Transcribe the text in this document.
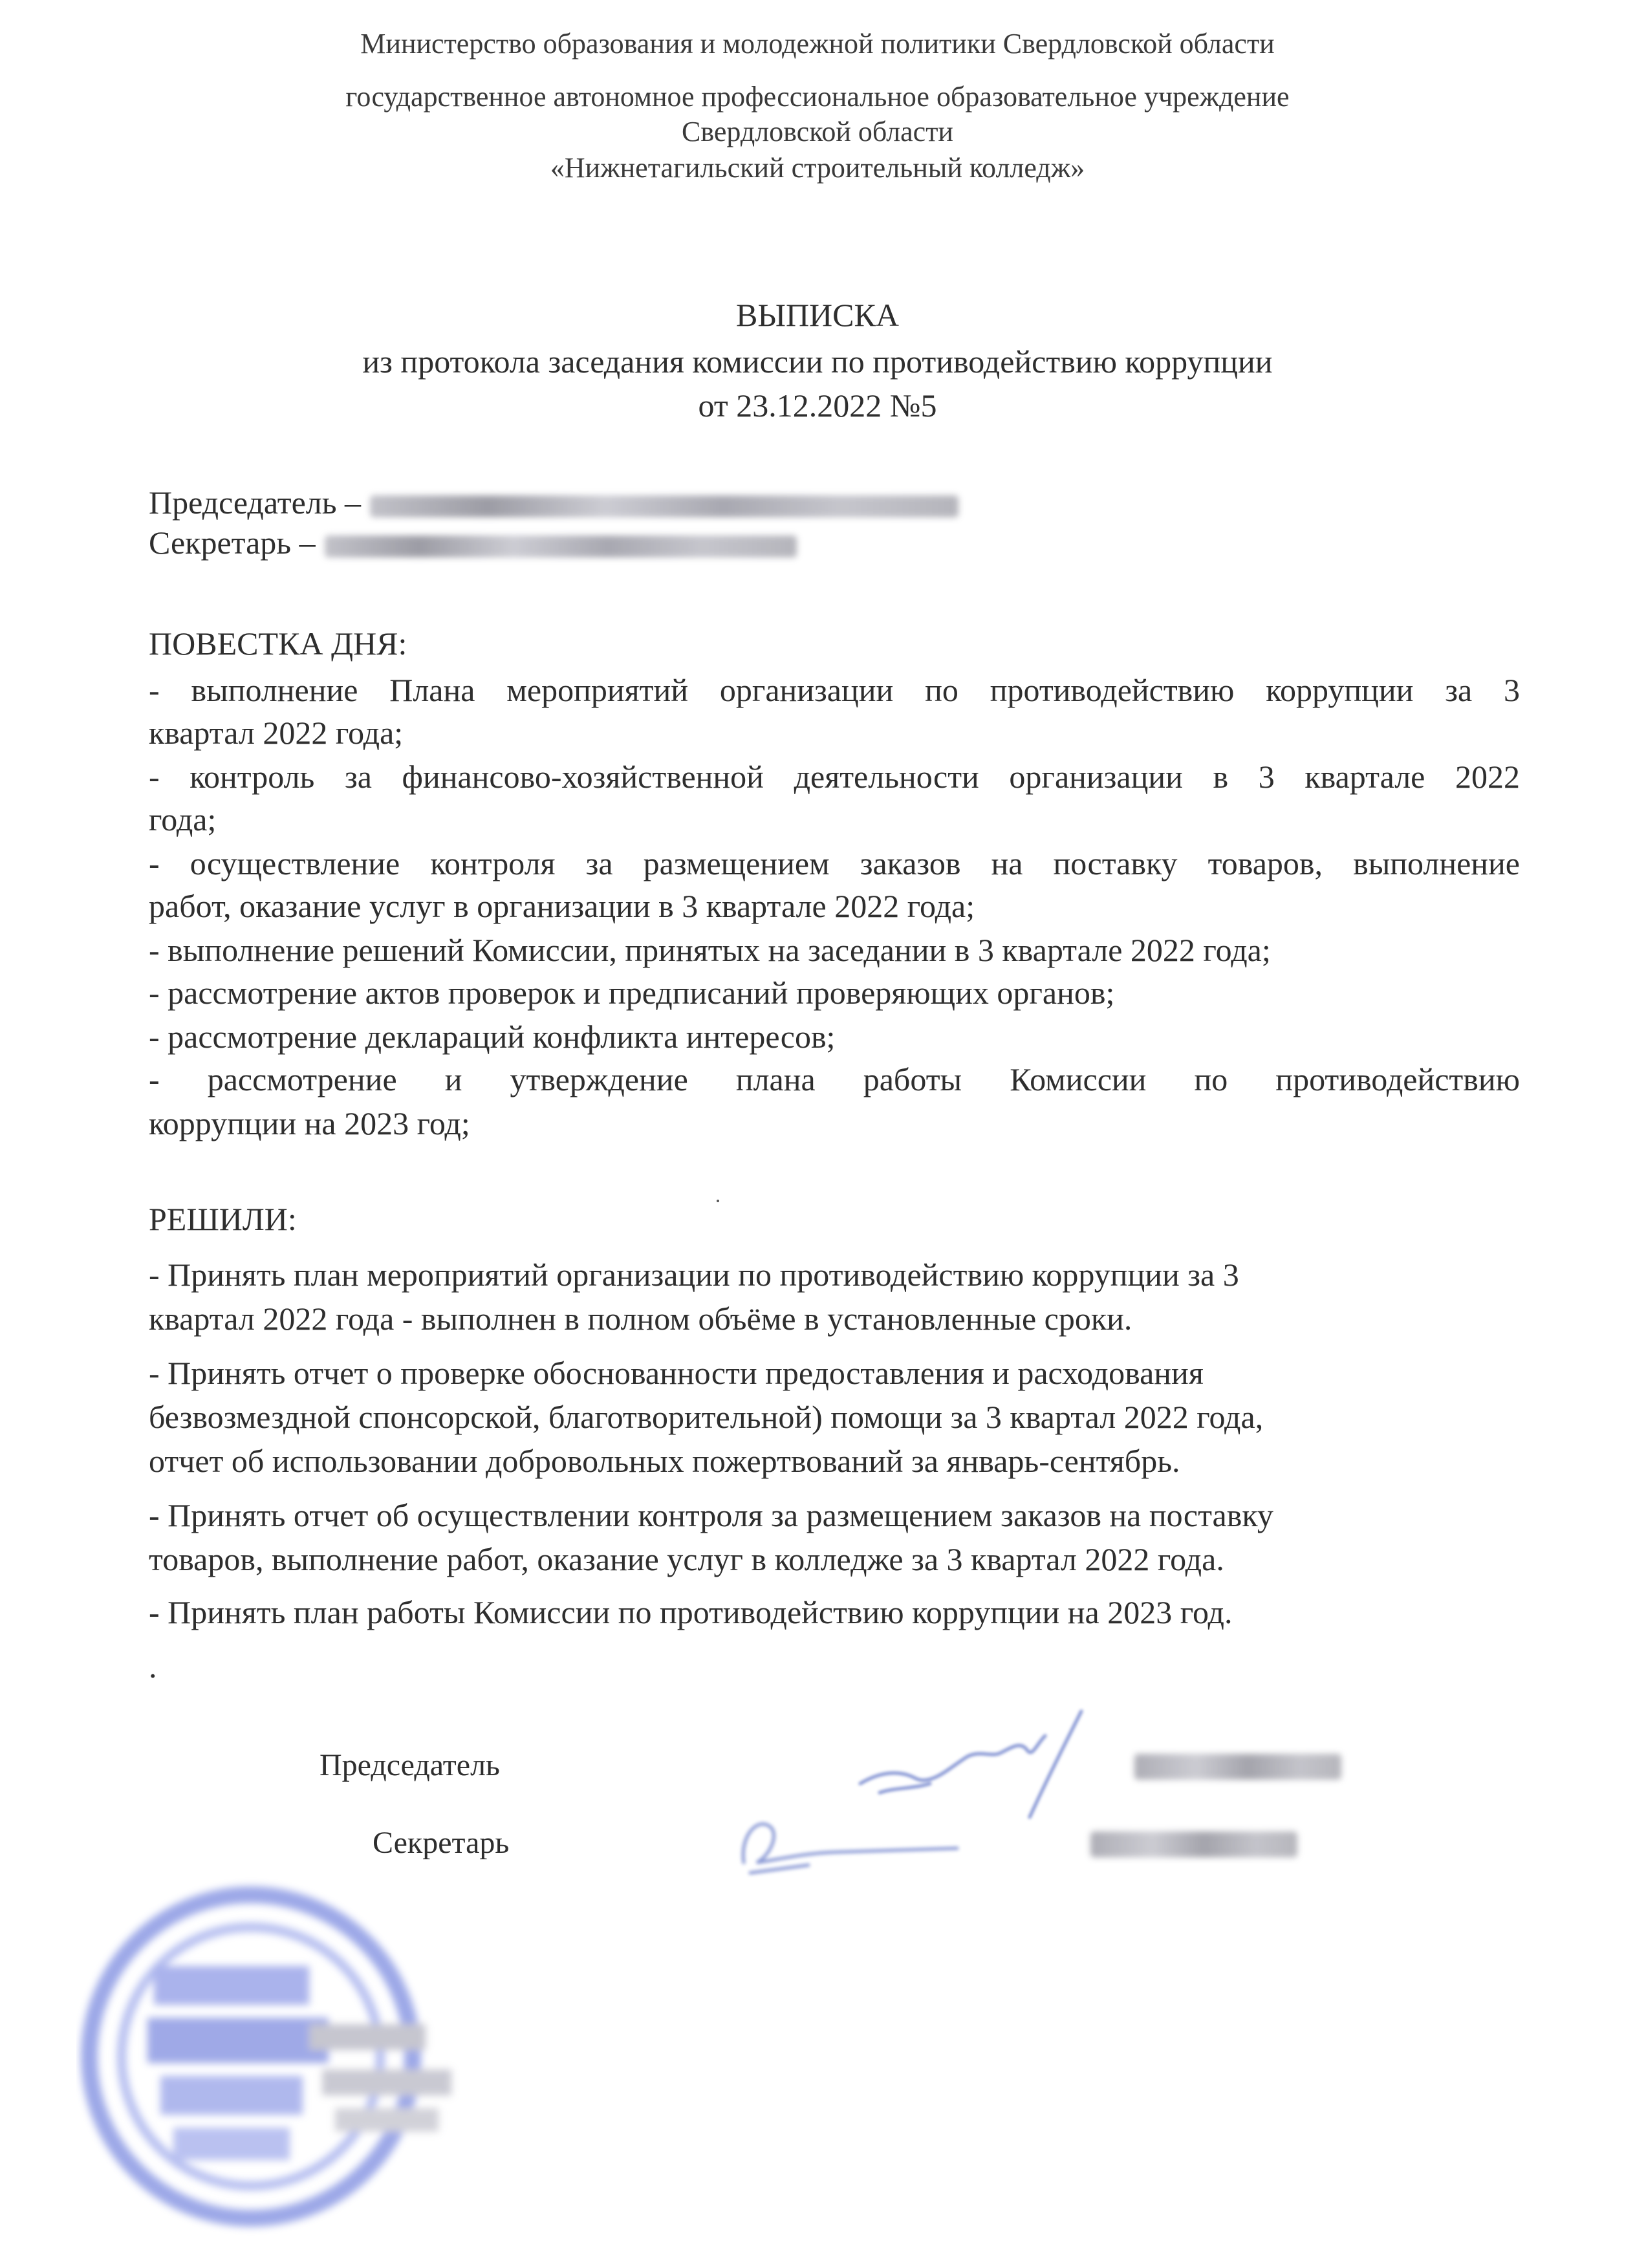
Министерство образования и молодежной политики Свердловской области
государственное автономное профессиональное образовательное учреждение
Свердловской области
«Нижнетагильский строительный колледж»
ВЫПИСКА
из протокола заседания комиссии по противодействию коррупции
от 23.12.2022 №5
Председатель –
Секретарь –
ПОВЕСТКА ДНЯ:
- выполнение Плана мероприятий организации по противодействию коррупции за 3
квартал 2022 года;
- контроль за финансово-хозяйственной деятельности организации в 3 квартале 2022
года;
- осуществление контроля за размещением заказов на поставку товаров, выполнение
работ, оказание услуг в организации в 3 квартале 2022 года;
- выполнение решений Комиссии, принятых на заседании в 3 квартале 2022 года;
- рассмотрение актов проверок и предписаний проверяющих органов;
- рассмотрение деклараций конфликта интересов;
- рассмотрение и утверждение плана работы Комиссии по противодействию
коррупции на 2023 год;
РЕШИЛИ:
- Принять план мероприятий организации по противодействию коррупции за 3
квартал 2022 года - выполнен в полном объёме в установленные сроки.
- Принять отчет о проверке обоснованности предоставления и расходования
безвозмездной спонсорской, благотворительной) помощи за 3 квартал 2022 года,
отчет об использовании добровольных пожертвований за январь-сентябрь.
- Принять отчет об осуществлении контроля за размещением заказов на поставку
товаров, выполнение работ, оказание услуг в колледже за 3 квартал 2022 года.
- Принять план работы Комиссии по противодействию коррупции на 2023 год.
.
Председатель
Секретарь
